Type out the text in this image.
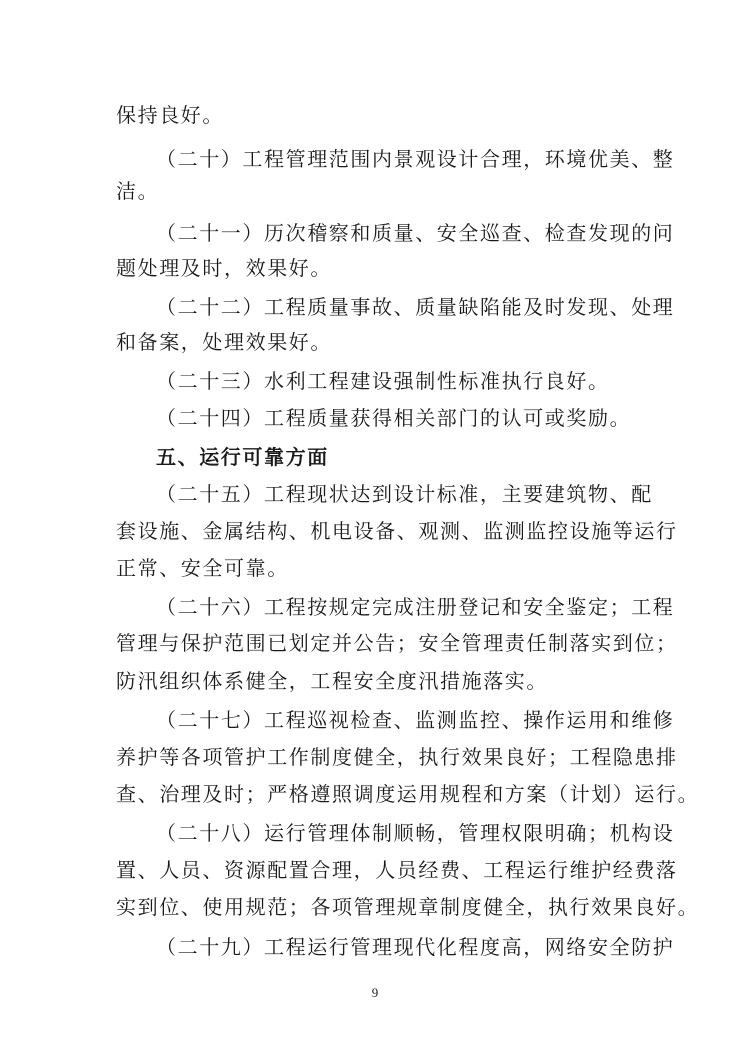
保持良好。
（二十）工程管理范围内景观设计合理，环境优美、整
洁。
（二十一）历次稽察和质量、安全巡查、检查发现的问
题处理及时，效果好。
（二十二）工程质量事故、质量缺陷能及时发现、处理
和备案，处理效果好。
（二十三）水利工程建设强制性标准执行良好。
（二十四）工程质量获得相关部门的认可或奖励。
五、运行可靠方面
（二十五）工程现状达到设计标准，主要建筑物、配
套设施、金属结构、机电设备、观测、监测监控设施等运行
正常、安全可靠。
（二十六）工程按规定完成注册登记和安全鉴定；工程
管理与保护范围已划定并公告；安全管理责任制落实到位；
防汛组织体系健全，工程安全度汛措施落实。
（二十七）工程巡视检查、监测监控、操作运用和维修
养护等各项管护工作制度健全，执行效果良好；工程隐患排
查、治理及时；严格遵照调度运用规程和方案（计划）运行。
（二十八）运行管理体制顺畅，管理权限明确；机构设
置、人员、资源配置合理，人员经费、工程运行维护经费落
实到位、使用规范；各项管理规章制度健全，执行效果良好。
（二十九）工程运行管理现代化程度高，网络安全防护
9
